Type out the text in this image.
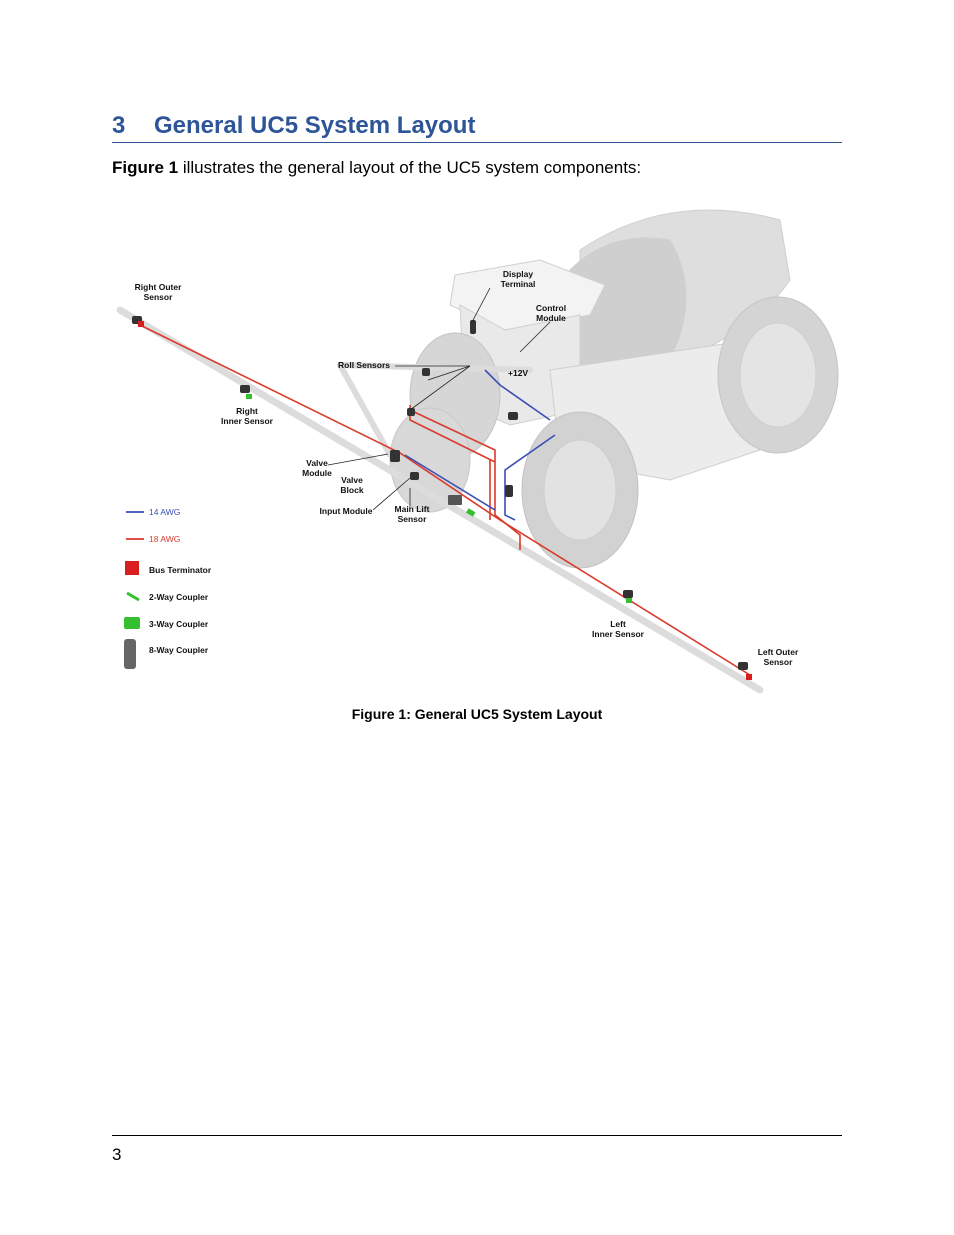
3 General UC5 System Layout
Figure 1 illustrates the general layout of the UC5 system components:
Right Outer
Sensor
Display
Terminal
Control
Module
Roll Sensors
+12V
Right
Inner Sensor
Valve
Module
Valve
Block
Input Module	Main Lift
Sensor
Left
Inner Sensor
Left Outer
Sensor
14 AWG
18 AWG
Bus Terminator
2-Way Coupler
3-Way Coupler
8-Way Coupler
Figure 1: General UC5 System Layout
3
